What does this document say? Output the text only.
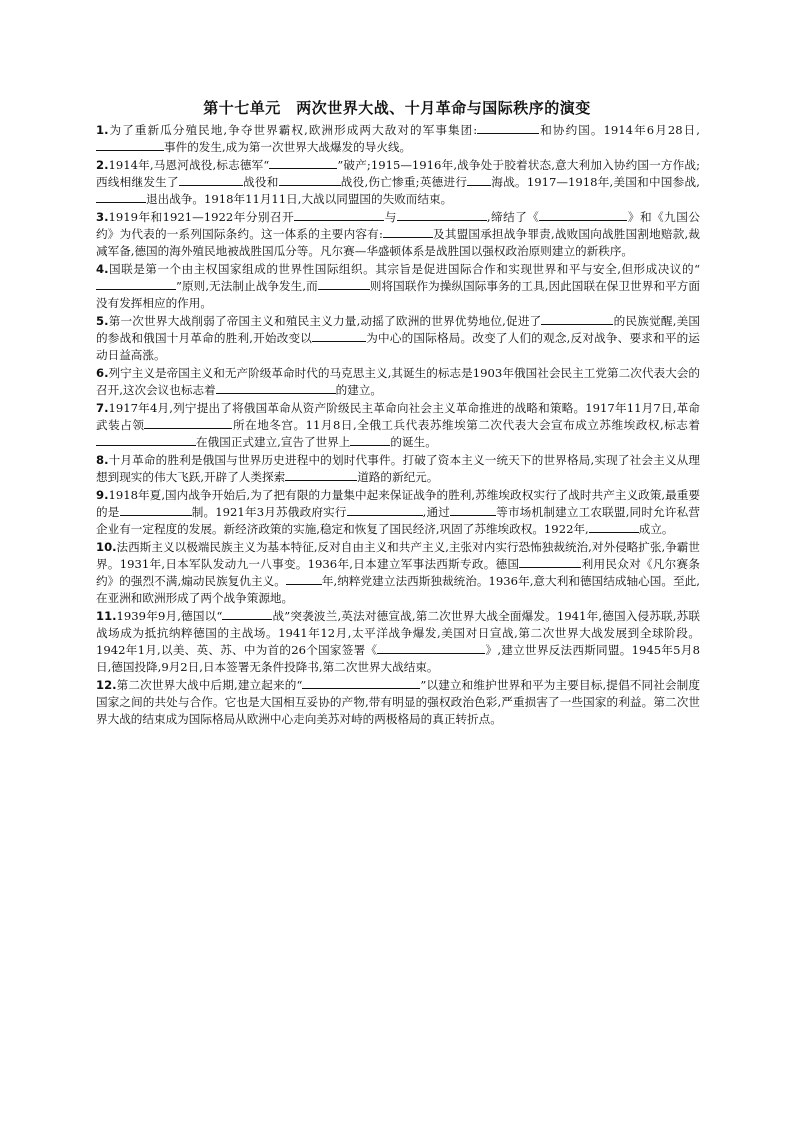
第十七单元　两次世界大战、十月革命与国际秩序的演变

1.为了重新瓜分殖民地,争夺世界霸权,欧洲形成两大敌对的军事集团:	和协约国。1914年6月28日,事件的发生,成为第一次世界大战爆发的导火线。

2.1914年,马恩河战役,标志德军“	”破产;1915—1916年,战争处于胶着状态,意大利加入协约国一方作战;西线相继发生了	战役和	战役,伤亡惨重;英德进行 海战。1917—1918年,美国和中国参战,退出战争。1918年11月11日,大战以同盟国的失败而结束。

3.1919年和1921—1922年分别召开	与	,缔结了《	》和《九国公约》为代表的一系列国际条约。这一体系的主要内容有:	及其盟国承担战争罪责,战败国向战胜国割地赔款,裁减军备,德国的海外殖民地被战胜国瓜分等。凡尔赛—华盛顿体系是战胜国以强权政治原则建立的新秩序。

4.国联是第一个由主权国家组成的世界性国际组织。其宗旨是促进国际合作和实现世界和平与安全,但形成决议的“”原则,无法制止战争发生,而	则将国联作为操纵国际事务的工具,因此国联在保卫世界和平方面没有发挥相应的作用。

5.第一次世界大战削弱了帝国主义和殖民主义力量,动摇了欧洲的世界优势地位,促进了	的民族觉醒,美国的参战和俄国十月革命的胜利,开始改变以	为中心的国际格局。改变了人们的观念,反对战争、要求和平的运动日益高涨。

6.列宁主义是帝国主义和无产阶级革命时代的马克思主义,其诞生的标志是1903年俄国社会民主工党第二次代表大会的召开,这次会议也标志着	的建立。

7.1917年4月,列宁提出了将俄国革命从资产阶级民主革命向社会主义革命推进的战略和策略。1917年11月7日,革命武装占领	所在地冬宫。11月8日,全俄工兵代表苏维埃第二次代表大会宣布成立苏维埃政权,标志着在俄国正式建立,宣告了世界上	的诞生。

8.十月革命的胜利是俄国与世界历史进程中的划时代事件。打破了资本主义一统天下的世界格局,实现了社会主义从理想到现实的伟大飞跃,开辟了人类探索	道路的新纪元。

9.1918年夏,国内战争开始后,为了把有限的力量集中起来保证战争的胜利,苏维埃政权实行了战时共产主义政策,最重要的是	制。1921年3月苏俄政府实行	,通过	等市场机制建立工农联盟,同时允许私营企业有一定程度的发展。新经济政策的实施,稳定和恢复了国民经济,巩固了苏维埃政权。1922年,	成立。

10.法西斯主义以极端民族主义为基本特征,反对自由主义和共产主义,主张对内实行恐怖独裁统治,对外侵略扩张,争霸世界。1931年,日本军队发动九一八事变。1936年,日本建立军事法西斯专政。德国	利用民众对《凡尔赛条约》的强烈不满,煽动民族复仇主义。	年,纳粹党建立法西斯独裁统治。1936年,意大利和德国结成轴心国。至此,在亚洲和欧洲形成了两个战争策源地。

11.1939年9月,德国以“	战”突袭波兰,英法对德宣战,第二次世界大战全面爆发。1941年,德国入侵苏联,苏联战场成为抵抗纳粹德国的主战场。1941年12月,太平洋战争爆发,美国对日宣战,第二次世界大战发展到全球阶段。1942年1月,以美、英、苏、中为首的26个国家签署《	》,建立世界反法西斯同盟。1945年5月8日,德国投降,9月2日,日本签署无条件投降书,第二次世界大战结束。

12.第二次世界大战中后期,建立起来的“	”以建立和维护世界和平为主要目标,提倡不同社会制度国家之间的共处与合作。它也是大国相互妥协的产物,带有明显的强权政治色彩,严重损害了一些国家的利益。第二次世界大战的结束成为国际格局从欧洲中心走向美苏对峙的两极格局的真正转折点。
